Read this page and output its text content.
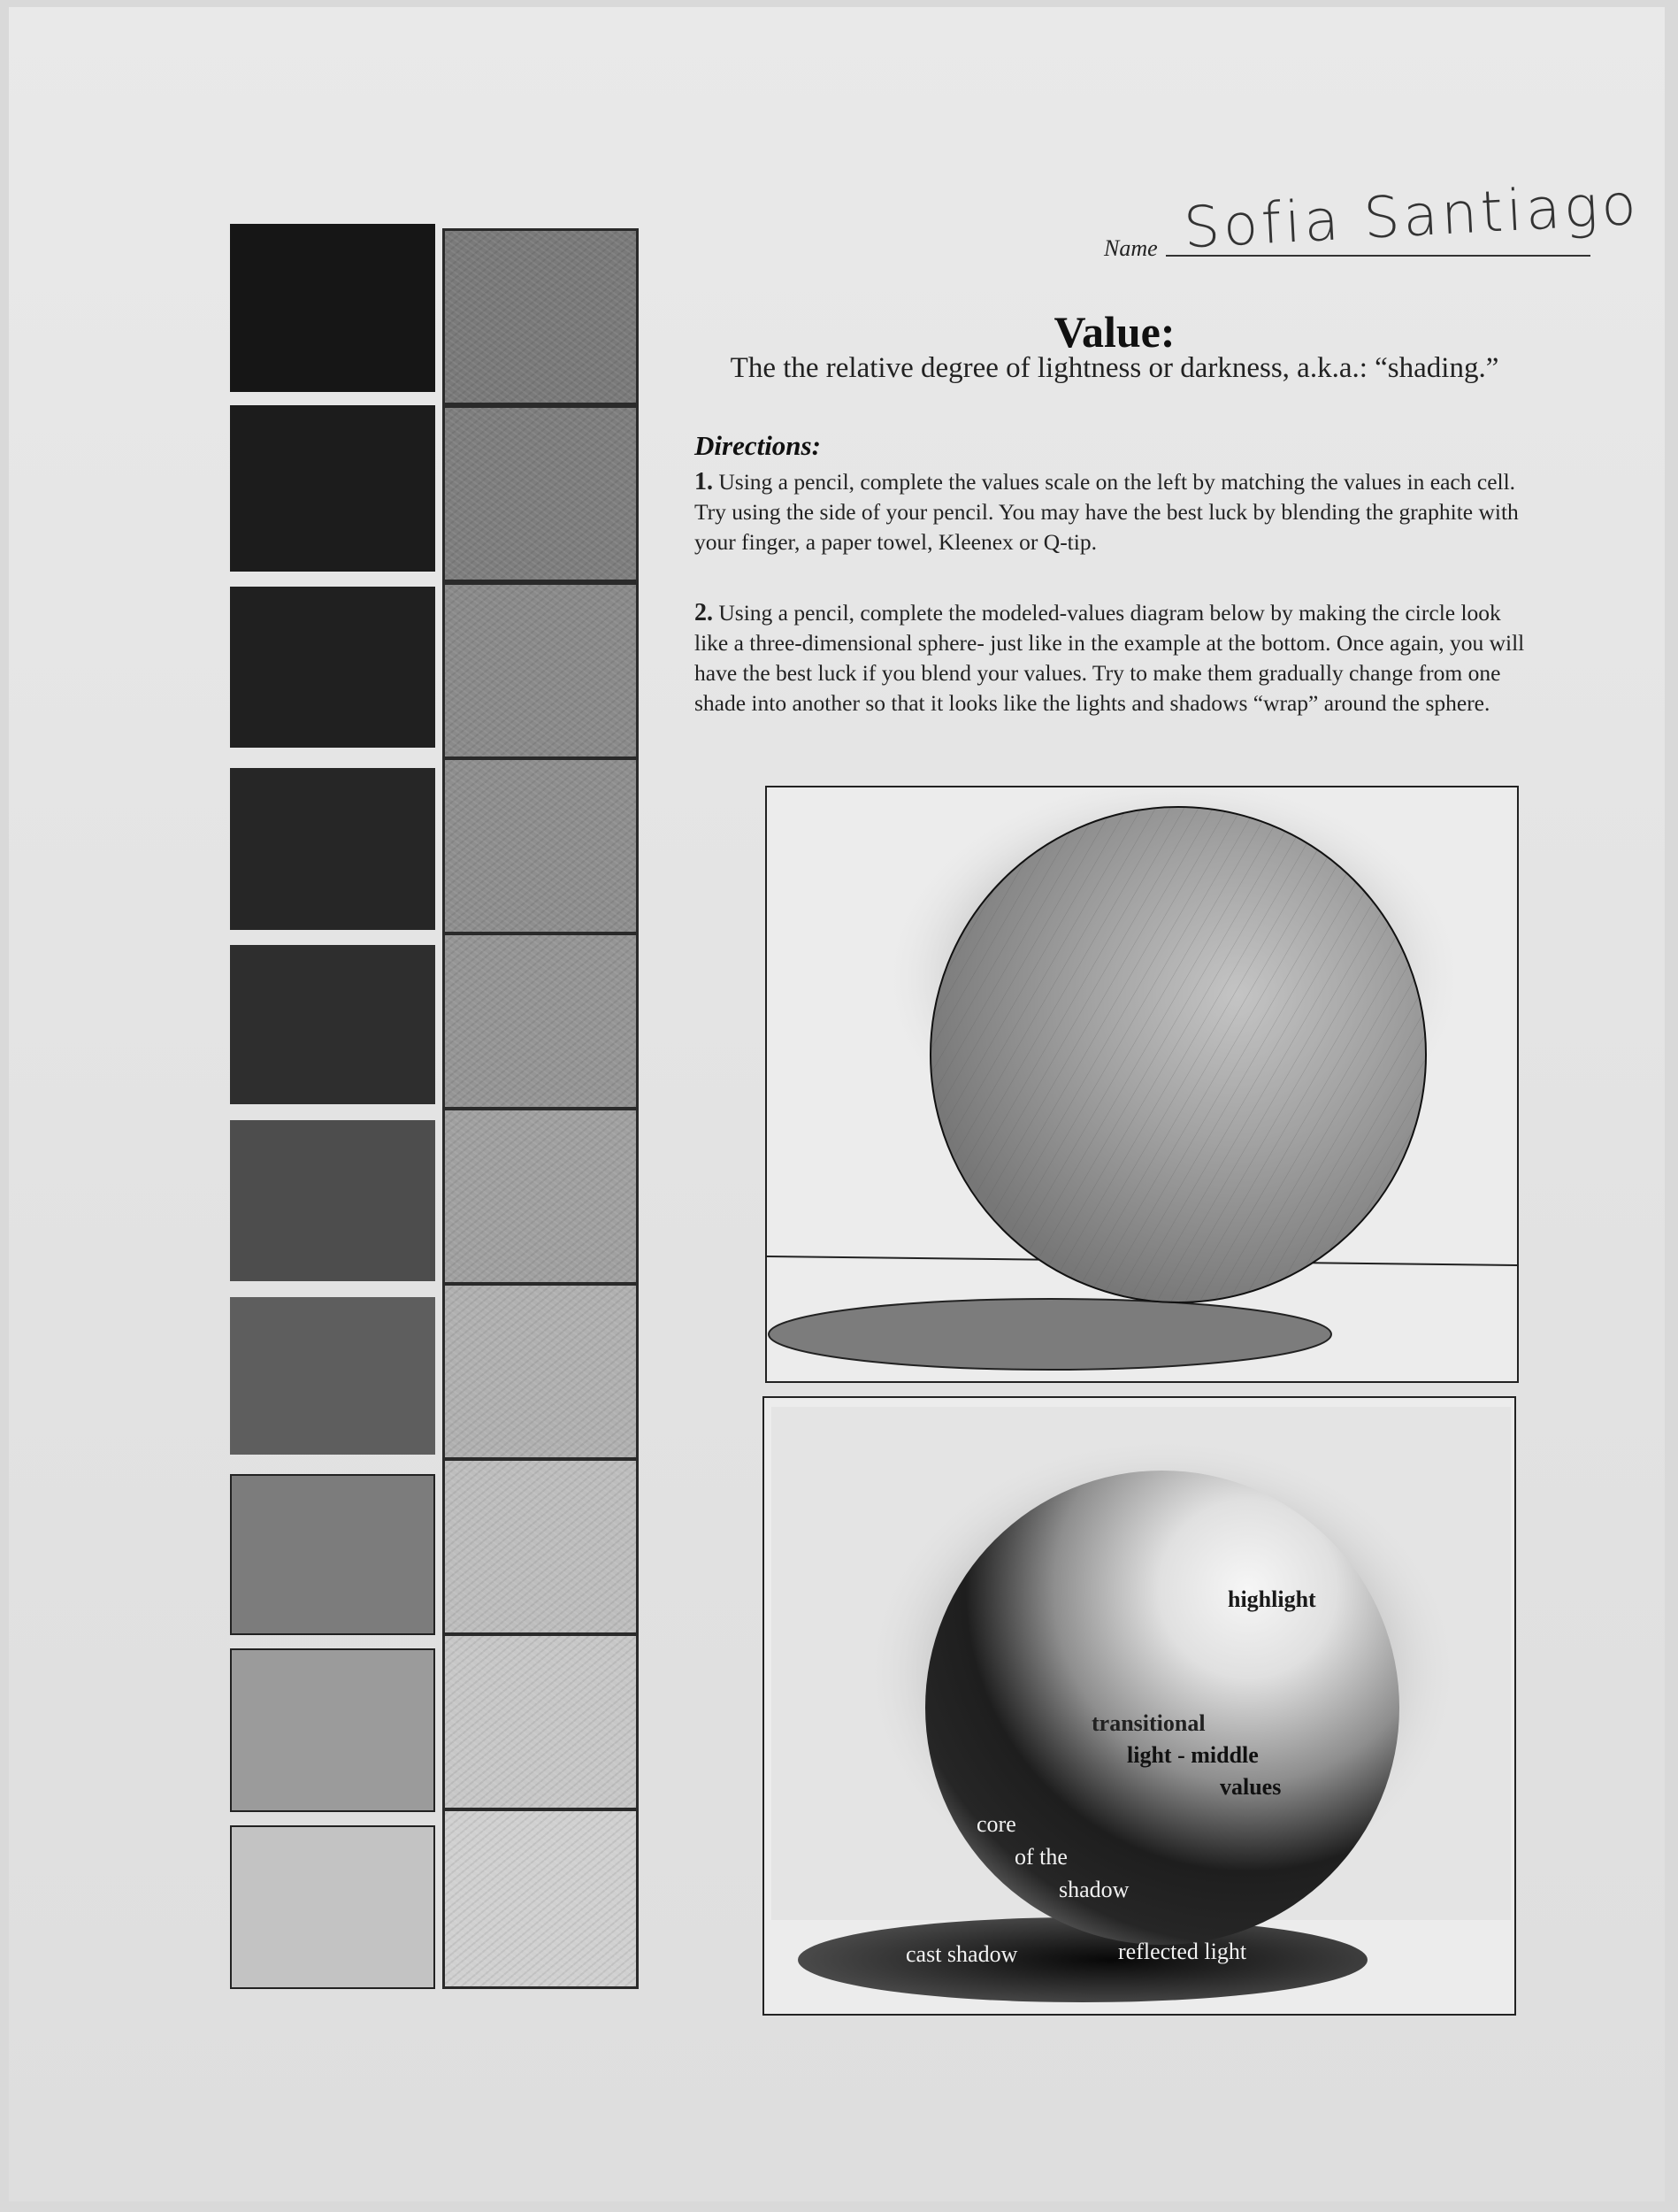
Name Sofia Santiago
Value:
The the relative degree of lightness or darkness, a.k.a.: “shading.”
Directions:
1. Using a pencil, complete the values scale on the left by matching the values in each cell. Try using the side of your pencil. You may have the best luck by blending the graphite with your finger, a paper towel, Kleenex or Q-tip.
2. Using a pencil, complete the modeled-values diagram below by making the circle look like a three-dimensional sphere- just like in the example at the bottom. Once again, you will have the best luck if you blend your values. Try to make them gradually change from one shade into another so that it looks like the lights and shadows “wrap” around the sphere.
highlight
transitional
light - middle
values
core
of the
shadow
cast shadow	reflected light
